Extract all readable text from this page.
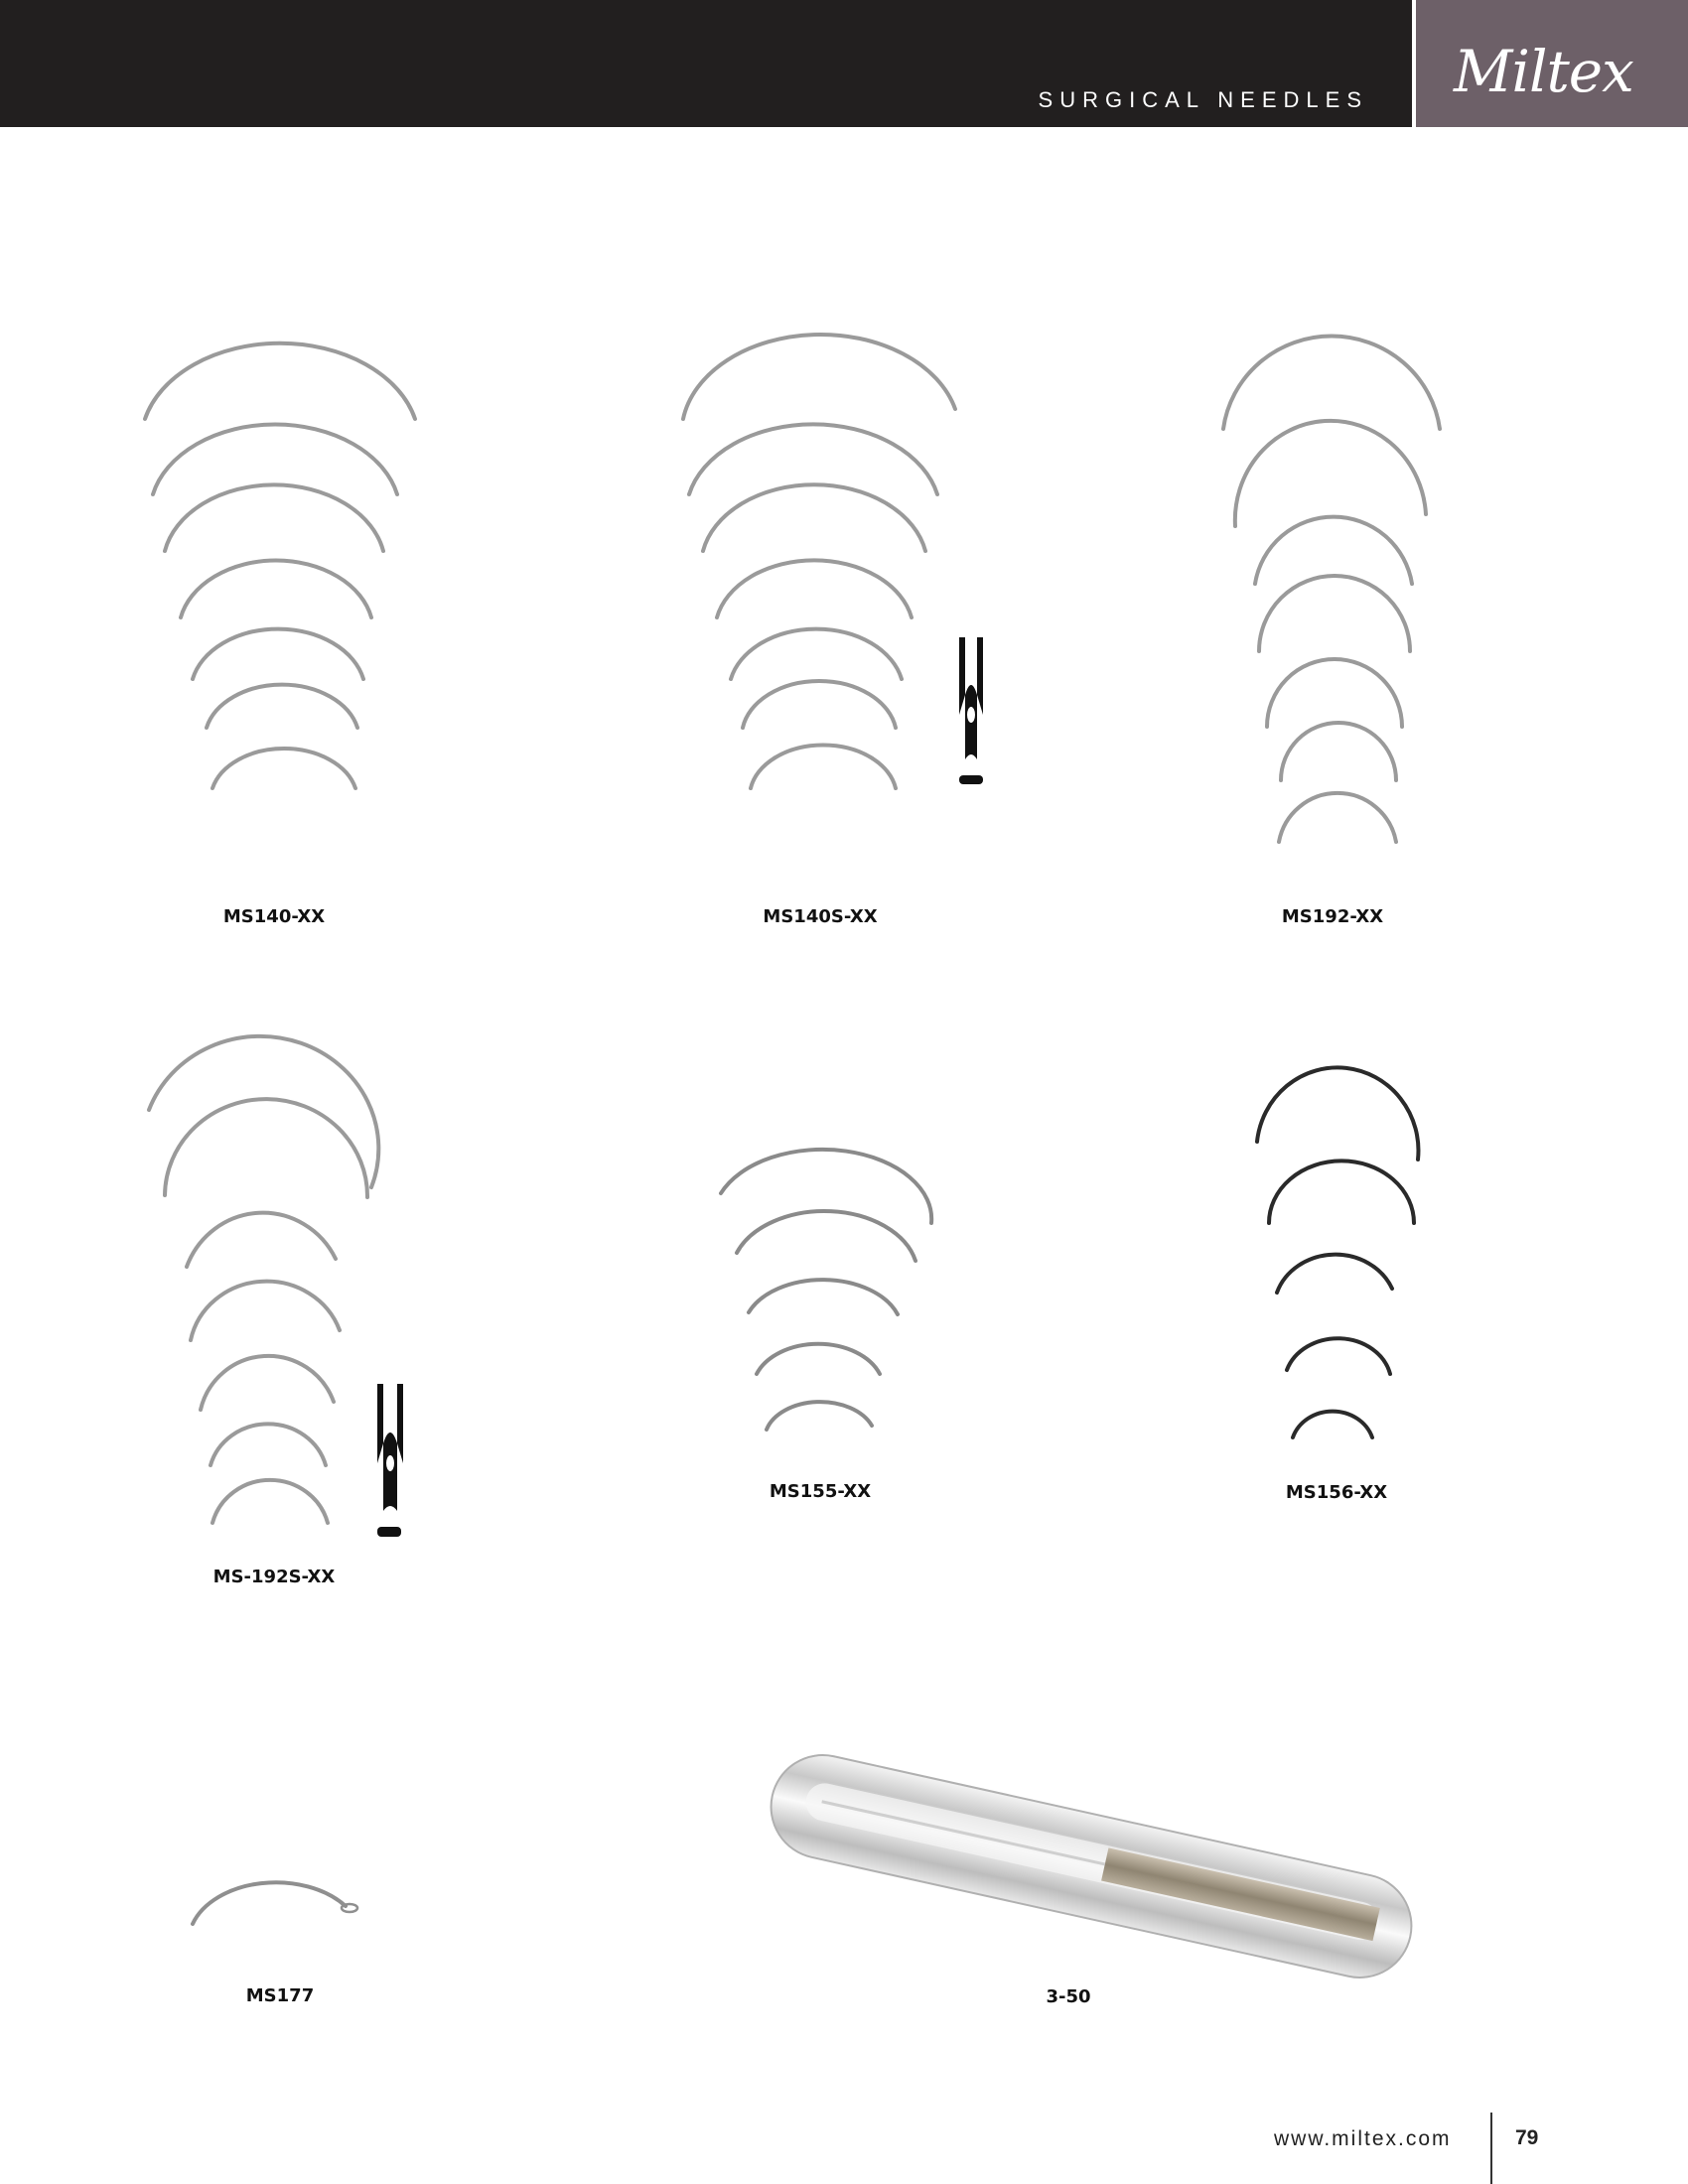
SURGICAL NEEDLES Miltex
MS140-XX	MS140S-XX	MS192-XX
MS-192S-XX
MS155-XX	MS156-XX
MS177	3-50
www.miltex.com	79
